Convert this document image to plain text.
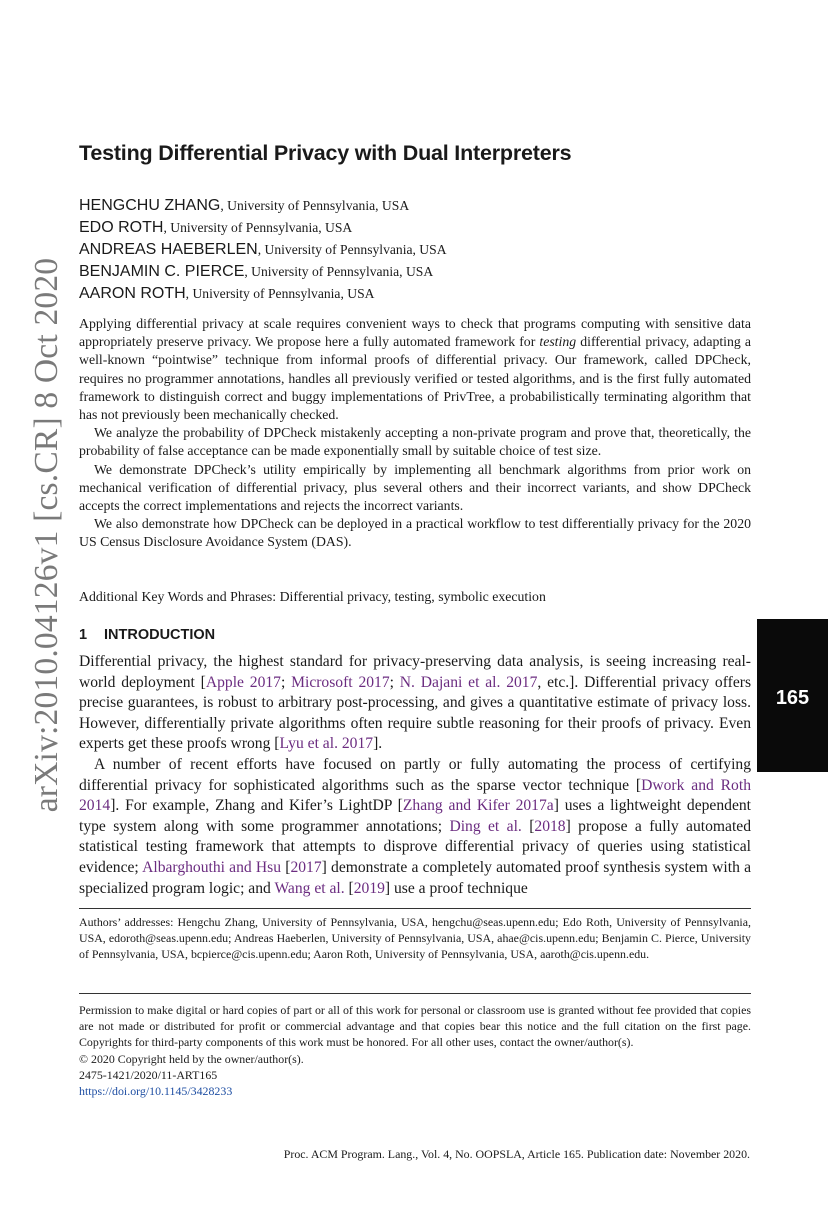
arXiv:2010.04126v1 [cs.CR] 8 Oct 2020	165
Testing Differential Privacy with Dual Interpreters
HENGCHU ZHANG, University of Pennsylvania, USA
EDO ROTH, University of Pennsylvania, USA
ANDREAS HAEBERLEN, University of Pennsylvania, USA
BENJAMIN C. PIERCE, University of Pennsylvania, USA
AARON ROTH, University of Pennsylvania, USA

Applying differential privacy at scale requires convenient ways to check that programs computing with sensitive data appropriately preserve privacy. We propose here a fully automated framework for testing differential privacy, adapting a well-known “pointwise” technique from informal proofs of differential privacy. Our framework, called DPCheck, requires no programmer annotations, handles all previously verified or tested algorithms, and is the first fully automated framework to distinguish correct and buggy implementations of PrivTree, a probabilistically terminating algorithm that has not previously been mechanically checked.

We analyze the probability of DPCheck mistakenly accepting a non-private program and prove that, theoretically, the probability of false acceptance can be made exponentially small by suitable choice of test size.

We demonstrate DPCheck’s utility empirically by implementing all benchmark algorithms from prior work on mechanical verification of differential privacy, plus several others and their incorrect variants, and show DPCheck accepts the correct implementations and rejects the incorrect variants.

We also demonstrate how DPCheck can be deployed in a practical workflow to test differentially privacy for the 2020 US Census Disclosure Avoidance System (DAS).

Additional Key Words and Phrases: Differential privacy, testing, symbolic execution
1 INTRODUCTION

Differential privacy, the highest standard for privacy-preserving data analysis, is seeing increasing real-world deployment [Apple 2017; Microsoft 2017; N. Dajani et al. 2017, etc.]. Differential privacy offers precise guarantees, is robust to arbitrary post-processing, and gives a quantitative estimate of privacy loss. However, differentially private algorithms often require subtle reasoning for their proofs of privacy. Even experts get these proofs wrong [Lyu et al. 2017].

A number of recent efforts have focused on partly or fully automating the process of certifying differential privacy for sophisticated algorithms such as the sparse vector technique [Dwork and Roth 2014]. For example, Zhang and Kifer’s LightDP [Zhang and Kifer 2017a] uses a lightweight dependent type system along with some programmer annotations; Ding et al. [2018] propose a fully automated statistical testing framework that attempts to disprove differential privacy of queries using statistical evidence; Albarghouthi and Hsu [2017] demonstrate a completely automated proof synthesis system with a specialized program logic; and Wang et al. [2019] use a proof technique

Authors’ addresses: Hengchu Zhang, University of Pennsylvania, USA, hengchu@seas.upenn.edu; Edo Roth, University of Pennsylvania, USA, edoroth@seas.upenn.edu; Andreas Haeberlen, University of Pennsylvania, USA, ahae@cis.upenn.edu; Benjamin C. Pierce, University of Pennsylvania, USA, bcpierce@cis.upenn.edu; Aaron Roth, University of Pennsylvania, USA, aaroth@cis.upenn.edu.

Permission to make digital or hard copies of part or all of this work for personal or classroom use is granted without fee provided that copies are not made or distributed for profit or commercial advantage and that copies bear this notice and the full citation on the first page. Copyrights for third-party components of this work must be honored. For all other uses, contact the owner/author(s).

© 2020 Copyright held by the owner/author(s).
2475-1421/2020/11-ART165
https://doi.org/10.1145/3428233
Proc. ACM Program. Lang., Vol. 4, No. OOPSLA, Article 165. Publication date: November 2020.
